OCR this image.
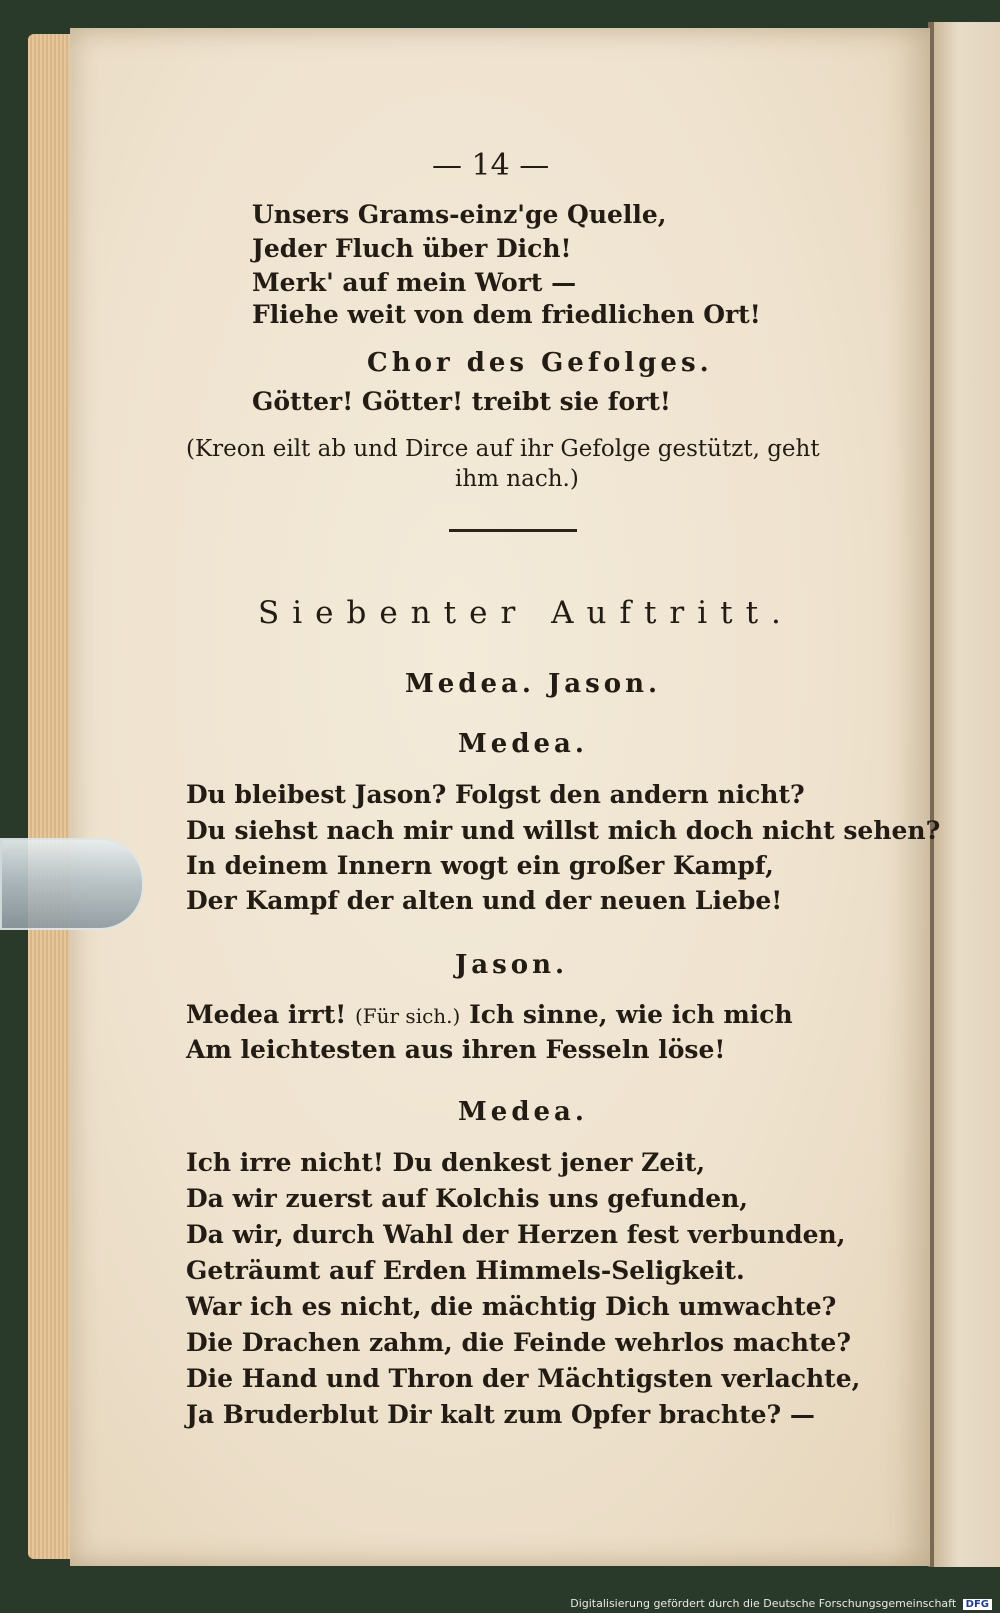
— 14 —
Unsers Grams-einz'ge Quelle,
Jeder Fluch über Dich!
Merk' auf mein Wort —
Fliehe weit von dem friedlichen Ort!
Chor des Gefolges.
Götter! Götter! treibt sie fort!
(Kreon eilt ab und Dirce auf ihr Gefolge gestützt, geht
ihm nach.)
Siebenter Auftritt.
Medea. Jason.
Medea.
Du bleibest Jason? Folgst den andern nicht?
Du siehst nach mir und willst mich doch nicht sehen?
In deinem Innern wogt ein großer Kampf,
Der Kampf der alten und der neuen Liebe!
Jason.
Medea irrt! (Für sich.) Ich sinne, wie ich mich
Am leichtesten aus ihren Fesseln löse!
Medea.
Ich irre nicht! Du denkest jener Zeit,
Da wir zuerst auf Kolchis uns gefunden,
Da wir, durch Wahl der Herzen fest verbunden,
Geträumt auf Erden Himmels-Seligkeit.
War ich es nicht, die mächtig Dich umwachte?
Die Drachen zahm, die Feinde wehrlos machte?
Die Hand und Thron der Mächtigsten verlachte,
Ja Bruderblut Dir kalt zum Opfer brachte? —
Digitalisierung gefördert durch die Deutsche Forschungsgemeinschaft DFG
